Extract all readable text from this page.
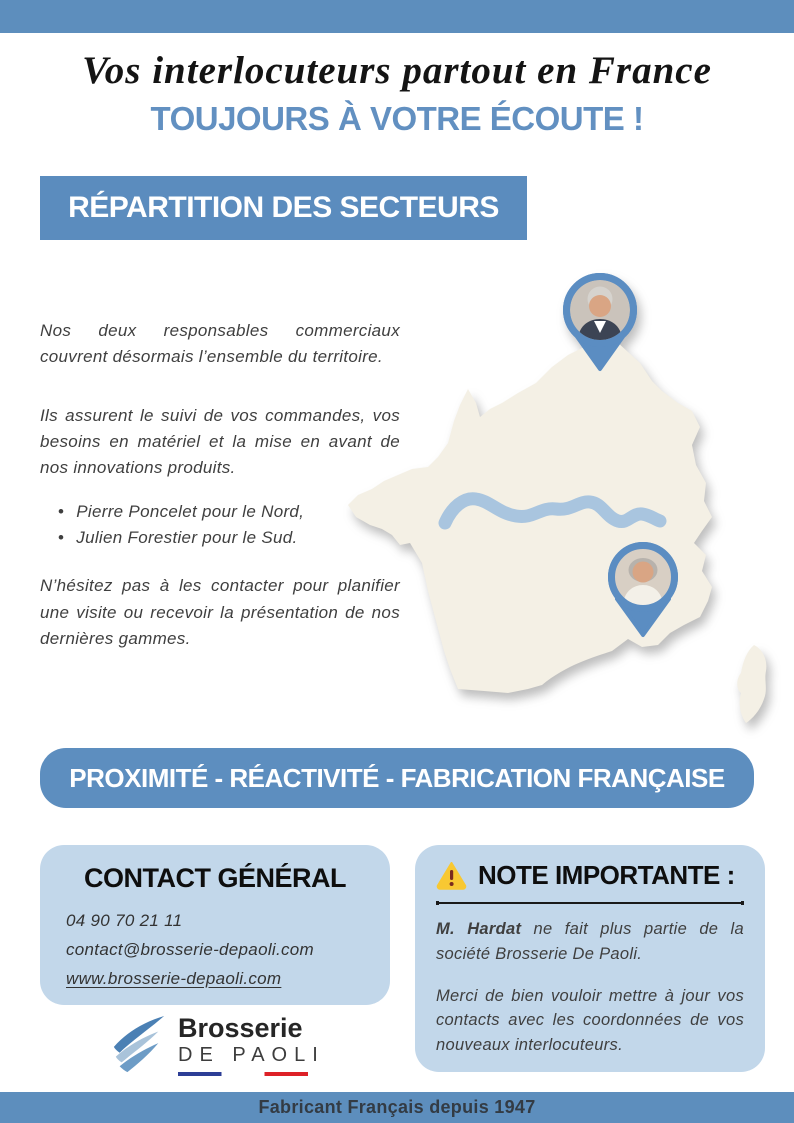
Vos interlocuteurs partout en France
TOUJOURS À VOTRE ÉCOUTE !
RÉPARTITION DES SECTEURS

Nos deux responsables commerciaux couvrent désormais l’ensemble du territoire.

Ils assurent le suivi de vos commandes, vos besoins en matériel et la mise en avant de nos innovations produits.

• Pierre Poncelet pour le Nord,
• Julien Forestier pour le Sud.

N’hésitez pas à les contacter pour planifier une visite ou recevoir la présentation de nos dernières gammes.

PROXIMITÉ - RÉACTIVITÉ - FABRICATION FRANÇAISE
CONTACT GÉNÉRAL
04 90 70 21 11
contact@brosserie-depaoli.com
www.brosserie-depaoli.com
NOTE IMPORTANTE :

M. Hardat ne fait plus partie de la société Brosserie De Paoli.

Merci de bien vouloir mettre à jour vos contacts avec les coordonnées de vos nouveaux interlocuteurs.

Brosserie
DE PAOLI
Fabricant Français depuis 1947
